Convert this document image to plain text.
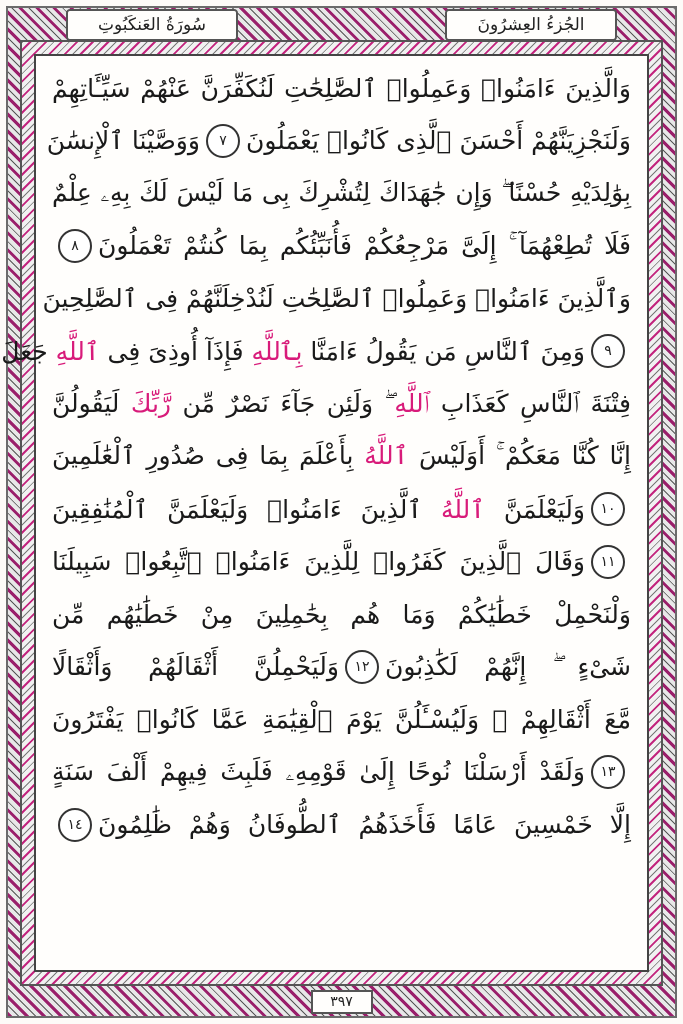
سُورَةُ العَنكَبُوتِ	الجُزءُ العِشرُونَ
وَالَّذِينَ ءَامَنُوا۟ وَعَمِلُوا۟ ٱلصَّٰلِحَٰتِ لَنُكَفِّرَنَّ عَنْهُمْ سَيِّـَٔاتِهِمْ
وَلَنَجْزِيَنَّهُمْ أَحْسَنَ ٱلَّذِى كَانُوا۟ يَعْمَلُونَ
٧
وَوَصَّيْنَا ٱلْإِنسَٰنَ
بِوَٰلِدَيْهِ حُسْنًا ۖ وَإِن جَٰهَدَاكَ لِتُشْرِكَ بِى مَا لَيْسَ لَكَ بِهِۦ عِلْمٌ
فَلَا تُطِعْهُمَآ ۚ إِلَىَّ مَرْجِعُكُمْ فَأُنَبِّئُكُم بِمَا كُنتُمْ تَعْمَلُونَ
٨
وَٱلَّذِينَ ءَامَنُوا۟ وَعَمِلُوا۟ ٱلصَّٰلِحَٰتِ لَنُدْخِلَنَّهُمْ فِى ٱلصَّٰلِحِينَ
٩
وَمِنَ ٱلنَّاسِ مَن يَقُولُ ءَامَنَّا بِٱللَّهِ فَإِذَآ أُوذِىَ فِى ٱللَّهِ جَعَلَ
فِتْنَةَ ٱلنَّاسِ كَعَذَابِ ٱللَّهِ ۖ وَلَئِن جَآءَ نَصْرٌ مِّن رَّبِّكَ لَيَقُولُنَّ
إِنَّا كُنَّا مَعَكُمْ ۚ أَوَلَيْسَ ٱللَّهُ بِأَعْلَمَ بِمَا فِى صُدُورِ ٱلْعَٰلَمِينَ
١٠
وَلَيَعْلَمَنَّ ٱللَّهُ ٱلَّذِينَ ءَامَنُوا۟ وَلَيَعْلَمَنَّ ٱلْمُنَٰفِقِينَ
١١
وَقَالَ ٱلَّذِينَ كَفَرُوا۟ لِلَّذِينَ ءَامَنُوا۟ ٱتَّبِعُوا۟ سَبِيلَنَا
وَلْنَحْمِلْ خَطَٰيَٰكُمْ وَمَا هُم بِحَٰمِلِينَ مِنْ خَطَٰيَٰهُم مِّن
شَىْءٍ ۖ إِنَّهُمْ لَكَٰذِبُونَ
١٢
وَلَيَحْمِلُنَّ أَثْقَالَهُمْ وَأَثْقَالًا
مَّعَ أَثْقَالِهِمْ ۖ وَلَيُسْـَٔلُنَّ يَوْمَ ٱلْقِيَٰمَةِ عَمَّا كَانُوا۟ يَفْتَرُونَ
١٣
وَلَقَدْ أَرْسَلْنَا نُوحًا إِلَىٰ قَوْمِهِۦ فَلَبِثَ فِيهِمْ أَلْفَ سَنَةٍ
إِلَّا خَمْسِينَ عَامًا فَأَخَذَهُمُ ٱلطُّوفَانُ وَهُمْ ظَٰلِمُونَ
١٤
٣٩٧
